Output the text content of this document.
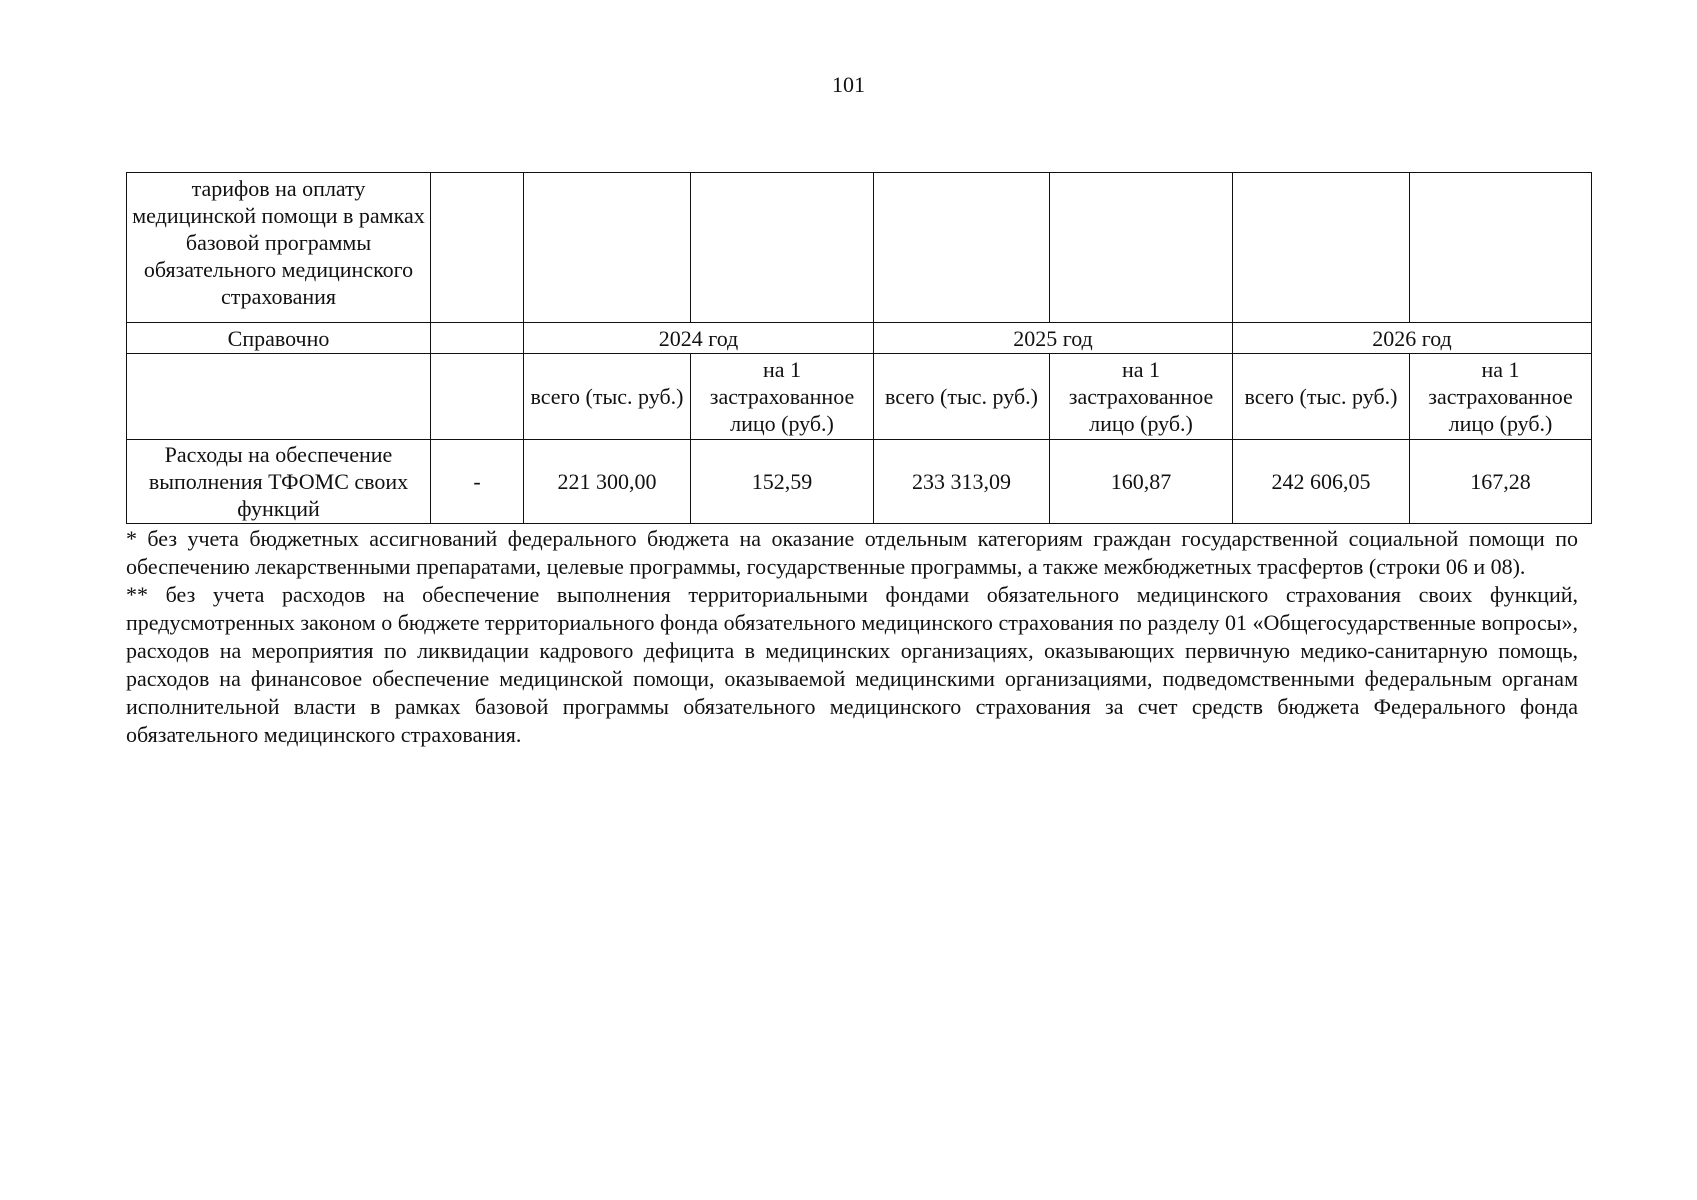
101
тарифов на оплату медицинской помощи в рамках базовой программы обязательного медицинского страхования							
Справочно		2024 год		2025 год		2026 год	
		всего (тыс. руб.)	на 1 застрахованное лицо (руб.)	всего (тыс. руб.)	на 1 застрахованное лицо (руб.)	всего (тыс. руб.)	на 1 застрахованное лицо (руб.)
Расходы на обеспечение выполнения ТФОМС своих функций	-	221 300,00	152,59	233 313,09	160,87	242 606,05	167,28

* без учета бюджетных ассигнований федерального бюджета на оказание отдельным категориям граждан государственной социальной помощи по обеспечению лекарственными препаратами, целевые программы, государственные программы, а также межбюджетных трасфертов (строки 06 и 08).

** без учета расходов на обеспечение выполнения территориальными фондами обязательного медицинского страхования своих функций, предусмотренных законом о бюджете территориального фонда обязательного медицинского страхования по разделу 01 «Общегосударственные вопросы», расходов на мероприятия по ликвидации кадрового дефицита в медицинских организациях, оказывающих первичную медико-санитарную помощь, расходов на финансовое обеспечение медицинской помощи, оказываемой медицинскими организациями, подведомственными федеральным органам исполнительной власти в рамках базовой программы обязательного медицинского страхования за счет средств бюджета Федерального фонда обязательного медицинского страхования.
